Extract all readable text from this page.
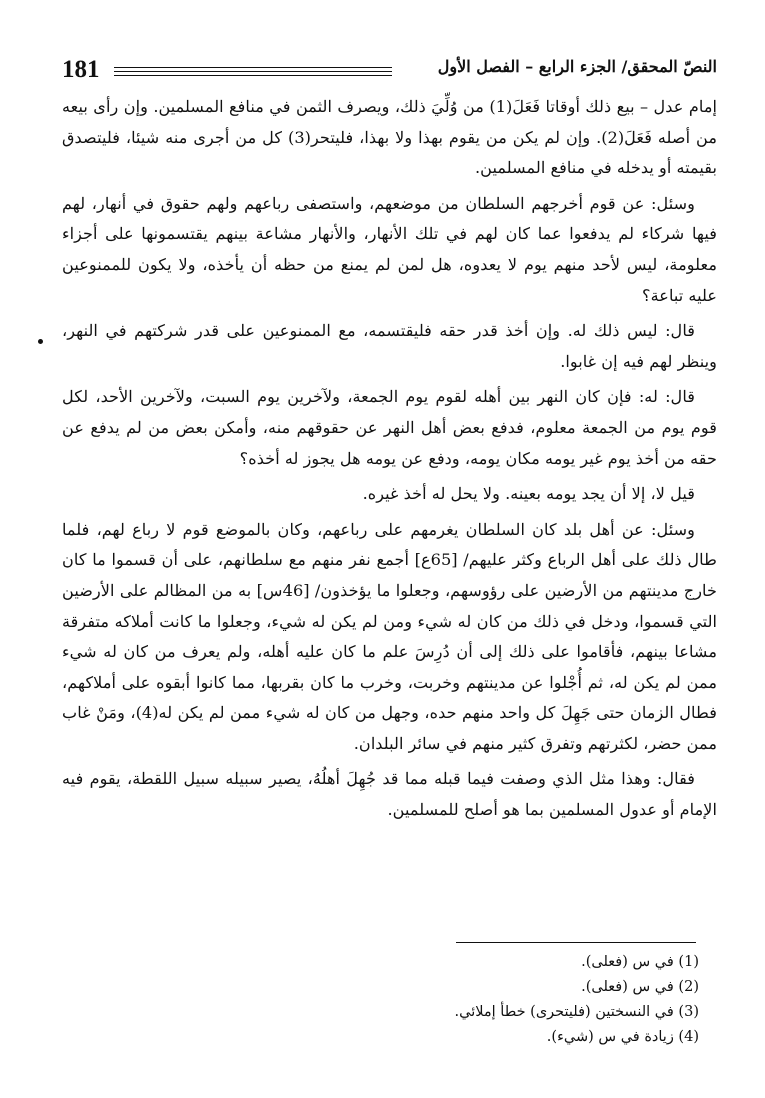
181	النصّ المحقق/ الجزء الرابع – الفصل الأول

إمام عدل – بيع ذلك أوقاتا فَعَلَ(1) من وُلِّيَ ذلك، ويصرف الثمن في منافع المسلمين. وإن رأى بيعه من أصله فَعَلَ(2). وإن لم يكن من يقوم بهذا ولا بهذا، فليتحر(3) كل من أجرى منه شيئا، فليتصدق بقيمته أو يدخله في منافع المسلمين.

وسئل: عن قوم أخرجهم السلطان من موضعهم، واستصفى رباعهم ولهم حقوق في أنهار، لهم فيها شركاء لم يدفعوا عما كان لهم في تلك الأنهار، والأنهار مشاعة بينهم يقتسمونها على أجزاء معلومة، ليس لأحد منهم يوم لا يعدوه، هل لمن لم يمنع من حظه أن يأخذه، ولا يكون للممنوعين عليه تباعة؟

قال: ليس ذلك له. وإن أخذ قدر حقه فليقتسمه، مع الممنوعين على قدر شركتهم في النهر، وينظر لهم فيه إن غابوا.

قال: له: فإن كان النهر بين أهله لقوم يوم الجمعة، ولآخرين يوم السبت، ولآخرين الأحد، لكل قوم يوم من الجمعة معلوم، فدفع بعض أهل النهر عن حقوقهم منه، وأمكن بعض من لم يدفع عن حقه من أخذ يوم غير يومه مكان يومه، ودفع عن يومه هل يجوز له أخذه؟

قيل لا، إلا أن يجد يومه بعينه. ولا يحل له أخذ غيره.

وسئل: عن أهل بلد كان السلطان يغرمهم على رباعهم، وكان بالموضع قوم لا رباع لهم، فلما طال ذلك على أهل الرباع وكثر عليهم/ [65ع] أجمع نفر منهم مع سلطانهم، على أن قسموا ما كان خارج مدينتهم من الأرضين على رؤوسهم، وجعلوا ما يؤخذون/ [46س] به من المظالم على الأرضين التي قسموا، ودخل في ذلك من كان له شيء ومن لم يكن له شيء، وجعلوا ما كانت أملاكه متفرقة مشاعا بينهم، فأقاموا على ذلك إلى أن دُرِسَ علم ما كان عليه أهله، ولم يعرف من كان له شيء ممن لم يكن له، ثم أُجْلوا عن مدينتهم وخربت، وخرب ما كان بقربها، مما كانوا أبقوه على أملاكهم، فطال الزمان حتى جَهِلَ كل واحد منهم حده، وجهل من كان له شيء ممن لم يكن له(4)، ومَنْ غاب ممن حضر، لكثرتهم وتفرق كثير منهم في سائر البلدان.

فقال: وهذا مثل الذي وصفت فيما قبله مما قد جُهِلَ أهلُهُ، يصير سبيله سبيل اللقطة، يقوم فيه الإمام أو عدول المسلمين بما هو أصلح للمسلمين.

(1) في س (فعلى).
(2) في س (فعلى).
(3) في النسختين (فليتحرى) خطأ إملائي.
(4) زيادة في س (شيء).
